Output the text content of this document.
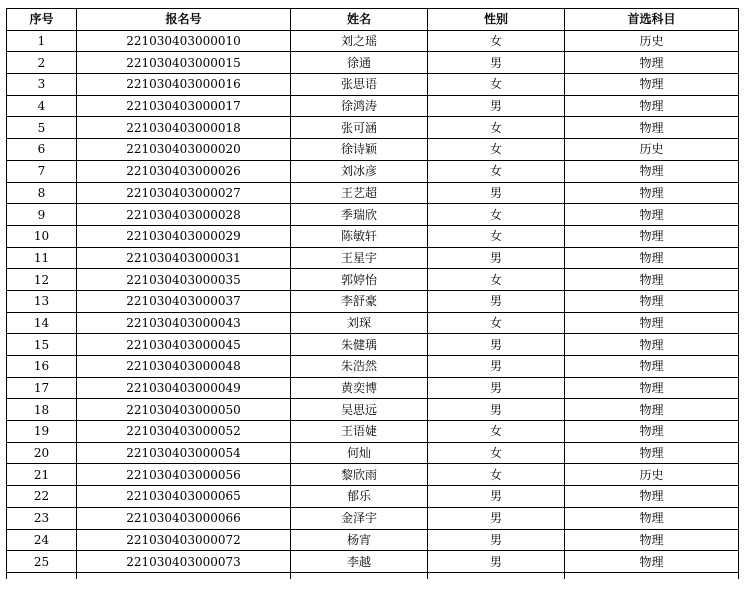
序号	报名号	姓名	性别	首选科目
1	221030403000010	刘之瑶	女	历史
2	221030403000015	徐通	男	物理
3	221030403000016	张思语	女	物理
4	221030403000017	徐鸿涛	男	物理
5	221030403000018	张可涵	女	物理
6	221030403000020	徐诗颖	女	历史
7	221030403000026	刘冰彦	女	物理
8	221030403000027	王艺超	男	物理
9	221030403000028	季瑞欣	女	物理
10	221030403000029	陈敏轩	女	物理
11	221030403000031	王星宇	男	物理
12	221030403000035	郭婷怡	女	物理
13	221030403000037	李舒豪	男	物理
14	221030403000043	刘琛	女	物理
15	221030403000045	朱健瑀	男	物理
16	221030403000048	朱浩然	男	物理
17	221030403000049	黄奕博	男	物理
18	221030403000050	吴思远	男	物理
19	221030403000052	王语婕	女	物理
20	221030403000054	何灿	女	物理
21	221030403000056	黎欣雨	女	历史
22	221030403000065	郁乐	男	物理
23	221030403000066	金泽宇	男	物理
24	221030403000072	杨宵	男	物理
25	221030403000073	李越	男	物理
